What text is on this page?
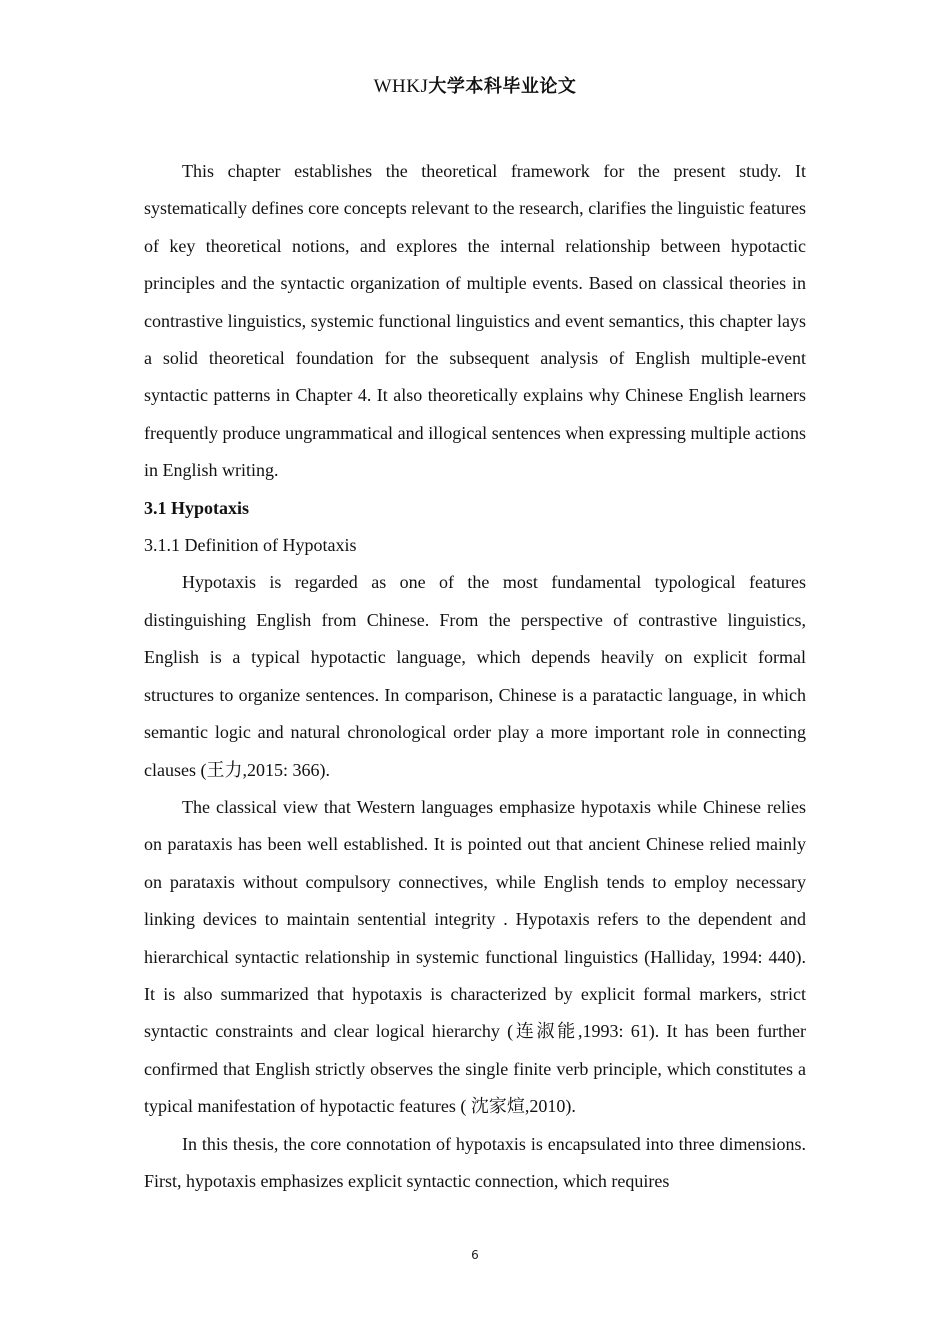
WHKJ大学本科毕业论文

This chapter establishes the theoretical framework for the present study. It systematically defines core concepts relevant to the research, clarifies the linguistic features of key theoretical notions, and explores the internal relationship between hypotactic principles and the syntactic organization of multiple events. Based on classical theories in contrastive linguistics, systemic functional linguistics and event semantics, this chapter lays a solid theoretical foundation for the subsequent analysis of English multiple-event syntactic patterns in Chapter 4. It also theoretically explains why Chinese English learners frequently produce ungrammatical and illogical sentences when expressing multiple actions in English writing.

3.1 Hypotaxis

3.1.1 Definition of Hypotaxis

Hypotaxis is regarded as one of the most fundamental typological features distinguishing English from Chinese. From the perspective of contrastive linguistics, English is a typical hypotactic language, which depends heavily on explicit formal structures to organize sentences. In comparison, Chinese is a paratactic language, in which semantic logic and natural chronological order play a more important role in connecting clauses (王力,2015: 366).

The classical view that Western languages emphasize hypotaxis while Chinese relies on parataxis has been well established. It is pointed out that ancient Chinese relied mainly on parataxis without compulsory connectives, while English tends to employ necessary linking devices to maintain sentential integrity . Hypotaxis refers to the dependent and hierarchical syntactic relationship in systemic functional linguistics (Halliday, 1994: 440). It is also summarized that hypotaxis is characterized by explicit formal markers, strict syntactic constraints and clear logical hierarchy (连淑能,1993: 61). It has been further confirmed that English strictly observes the single finite verb principle, which constitutes a typical manifestation of hypotactic features ( 沈家煊,2010).

In this thesis, the core connotation of hypotaxis is encapsulated into three dimensions. First, hypotaxis emphasizes explicit syntactic connection, which requires

6
